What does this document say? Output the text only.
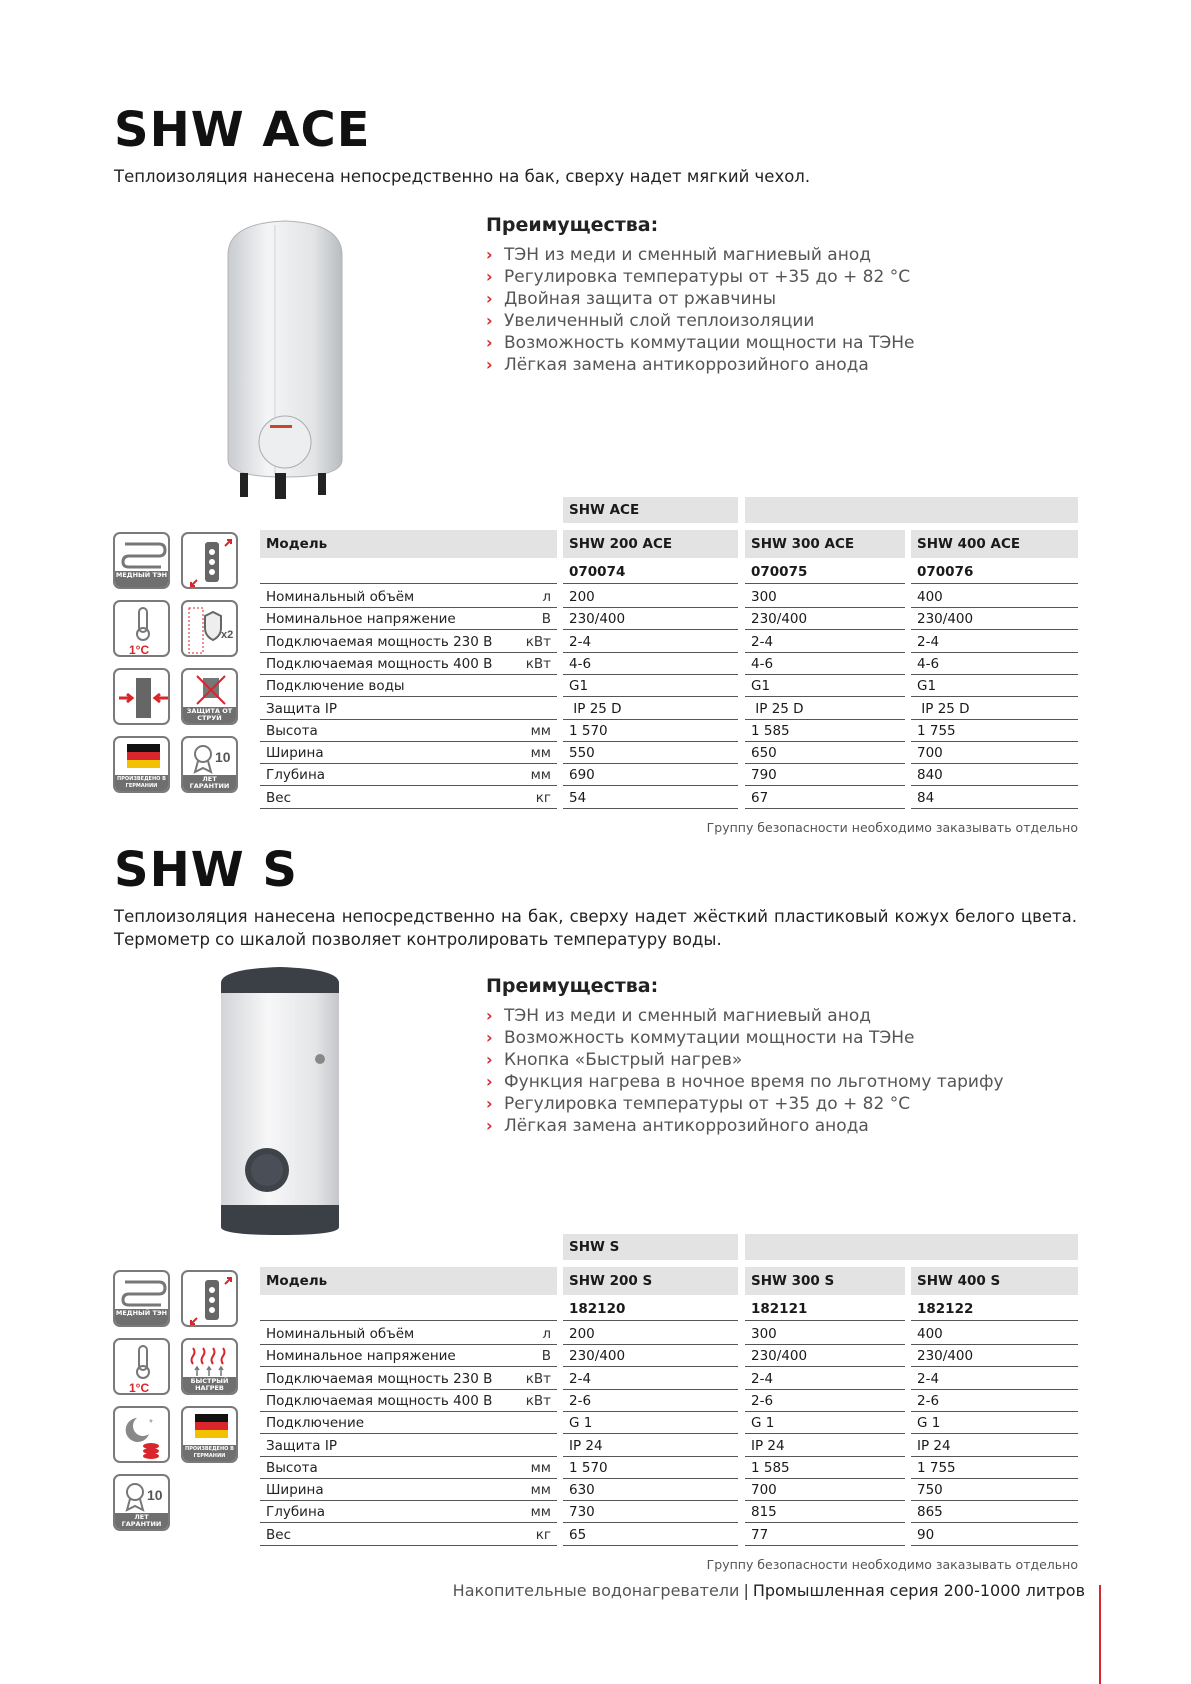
SHW ACE
Теплоизоляция нанесена непосредственно на бак, сверху надет мягкий чехол.
Преимущества:
› ТЭН из меди и сменный магниевый анод
› Регулировка температуры от +35 до + 82 °С
› Двойная защита от ржавчины
› Увеличенный слой теплоизоляции
› Возможность коммутации мощности на ТЭНе
› Лёгкая замена антикоррозийного анода
МЕДНЫЙ ТЭН
1°C
x2
ЗАЩИТА ОТ СТРУЙ
ПРОИЗВЕДЕНО В ГЕРМАНИИ
10
ЛЕТ ГАРАНТИИ
SHW ACE
Модель	SHW 200 ACE	SHW 300 ACE	SHW 400 ACE
070074	070075	070076
Номинальный объём	л	200	300	400
Номинальное напряжение	В	230/400	230/400	230/400
Подключаемая мощность 230 В кВт	2-4	2-4	2-4
Подключаемая мощность 400 В кВт	4-6	4-6	4-6
Подключение воды	G1	G1	G1
Защита IP	IP 25 D	IP 25 D	IP 25 D
Высота	мм	1 570	1 585	1 755
Ширина	мм	550	650	700
Глубина	мм	690	790	840
Вес	кг	54	67	84
Группу безопасности необходимо заказывать отдельно
SHW S
Теплоизоляция нанесена непосредственно на бак, сверху надет жёсткий пластиковый кожух белого цвета. Термометр со шкалой позволяет контролировать температуру воды.
Преимущества:
› ТЭН из меди и сменный магниевый анод
› Возможность коммутации мощности на ТЭНе
› Кнопка «Быстрый нагрев»
› Функция нагрева в ночное время по льготному тарифу
› Регулировка температуры от +35 до + 82 °С
› Лёгкая замена антикоррозийного анода
МЕДНЫЙ ТЭН
1°C	БЫСТРЫЙ НАГРЕВ
*
ПРОИЗВЕДЕНО В ГЕРМАНИИ
10
ЛЕТ ГАРАНТИИ
SHW S
Модель	SHW 200 S	SHW 300 S	SHW 400 S
182120	182121	182122
Номинальный объём	л	200	300	400
Номинальное напряжение	В	230/400	230/400	230/400
Подключаемая мощность 230 В кВт	2-4	2-4	2-4
Подключаемая мощность 400 В кВт	2-6	2-6	2-6
Подключение	G 1	G 1	G 1
Защита IP	IP 24	IP 24	IP 24
Высота	мм	1 570	1 585	1 755
Ширина	мм	630	700	750
Глубина	мм	730	815	865
Вес	кг	65	77	90
Группу безопасности необходимо заказывать отдельно
Накопительные водонагреватели | Промышленная серия 200-1000 литров
